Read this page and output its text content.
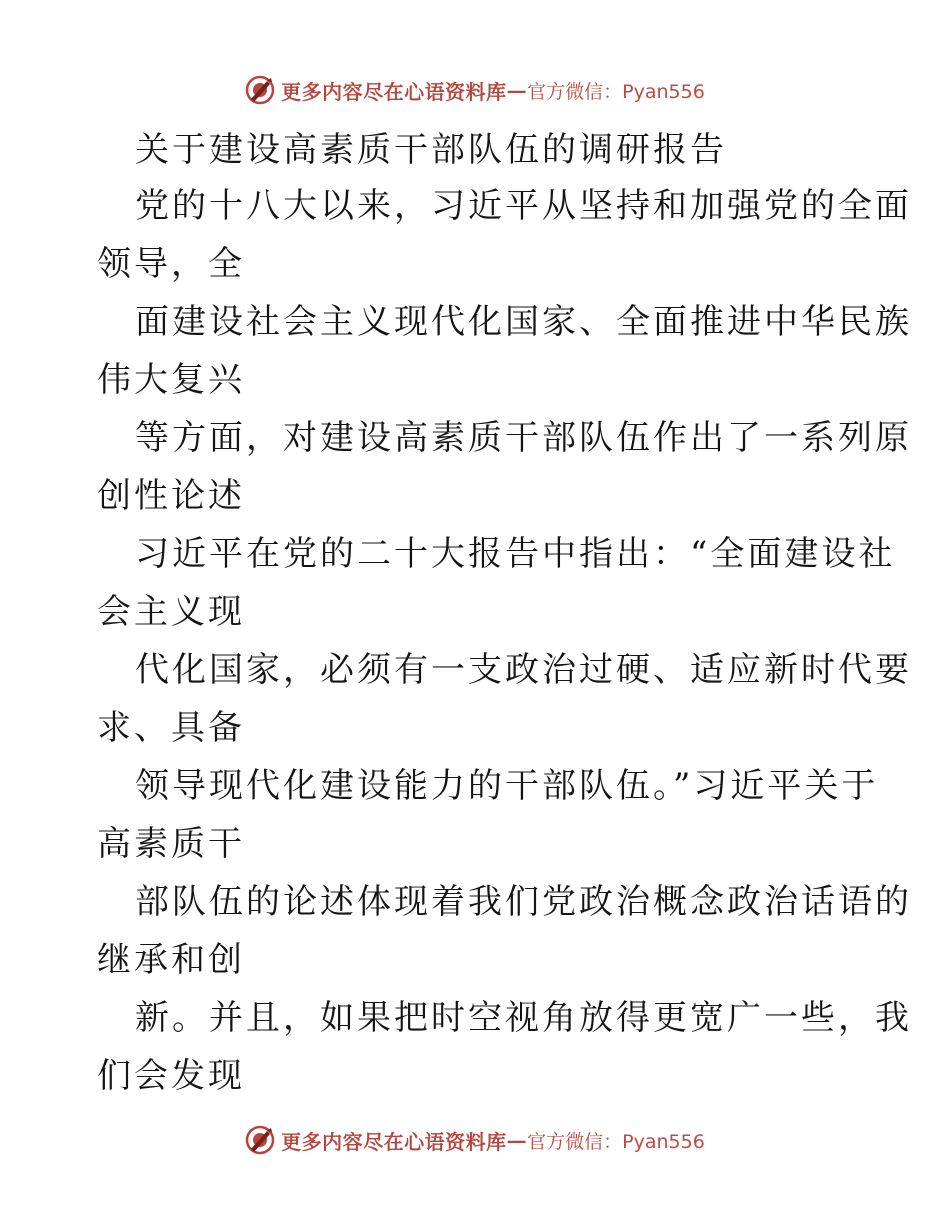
更多内容尽在心语资料库 — 官方微信：Pyan556
关于建设高素质干部队伍的调研报告
党的十八大以来，习近平从坚持和加强党的全面
领导，全
面建设社会主义现代化国家、全面推进中华民族
伟大复兴
等方面，对建设高素质干部队伍作出了一系列原
创性论述
习近平在党的二十大报告中指出：“全面建设社
会主义现
代化国家，必须有一支政治过硬、适应新时代要
求、具备
领导现代化建设能力的干部队伍。”习近平关于
高素质干
部队伍的论述体现着我们党政治概念政治话语的
继承和创
新。并且，如果把时空视角放得更宽广一些，我
们会发现
更多内容尽在心语资料库 — 官方微信：Pyan556
